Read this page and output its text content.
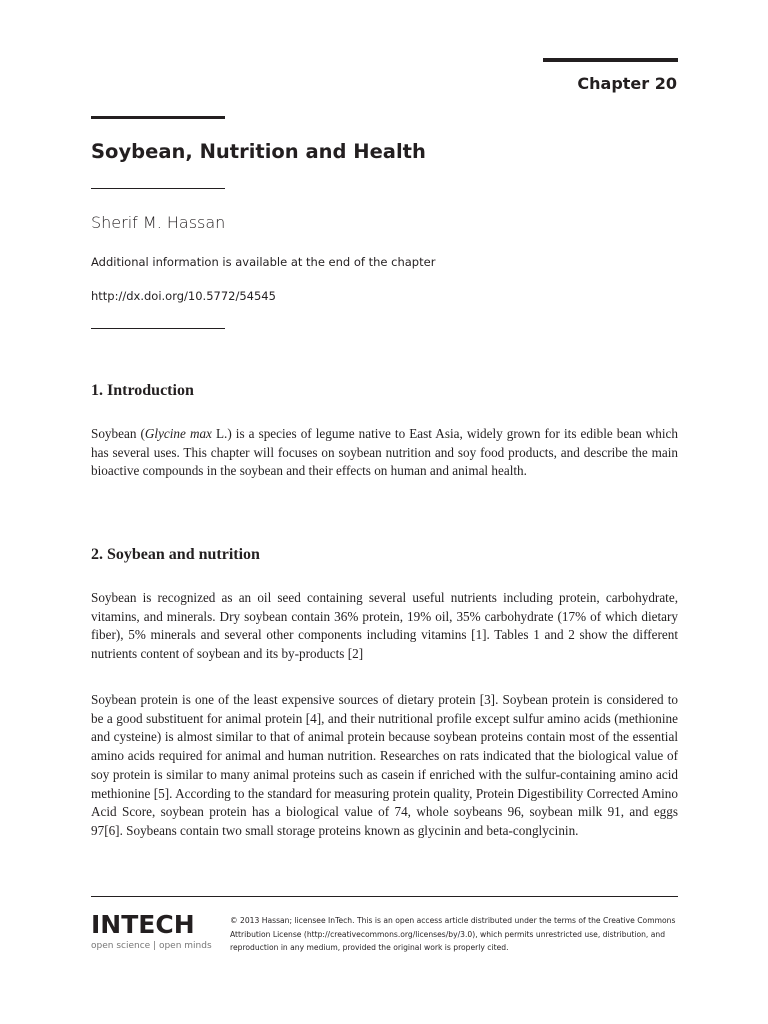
Chapter 20
Soybean, Nutrition and Health
Sherif M. Hassan
Additional information is available at the end of the chapter
http://dx.doi.org/10.5772/54545
1. Introduction

Soybean (Glycine max L.) is a species of legume native to East Asia, widely grown for its edible bean which has several uses. This chapter will focuses on soybean nutrition and soy food products, and describe the main bioactive compounds in the soybean and their effects on human and animal health.

2. Soybean and nutrition

Soybean is recognized as an oil seed containing several useful nutrients including protein, carbohydrate, vitamins, and minerals. Dry soybean contain 36% protein, 19% oil, 35% carbohydrate (17% of which dietary fiber), 5% minerals and several other components including vitamins [1]. Tables 1 and 2 show the different nutrients content of soybean and its by-products [2]

Soybean protein is one of the least expensive sources of dietary protein [3]. Soybean protein is considered to be a good substituent for animal protein [4], and their nutritional profile except sulfur amino acids (methionine and cysteine) is almost similar to that of animal protein because soybean proteins contain most of the essential amino acids required for animal and human nutrition. Researches on rats indicated that the biological value of soy protein is similar to many animal proteins such as casein if enriched with the sulfur-containing amino acid methionine [5]. According to the standard for measuring protein quality, Protein Digestibility Corrected Amino Acid Score, soybean protein has a biological value of 74, whole soybeans 96, soybean milk 91, and eggs 97[6]. Soybeans contain two small storage proteins known as glycinin and beta-conglycinin.

INTECH
open science | open minds

© 2013 Hassan; licensee InTech. This is an open access article distributed under the terms of the Creative Commons Attribution License (http://creativecommons.org/licenses/by/3.0), which permits unrestricted use, distribution, and reproduction in any medium, provided the original work is properly cited.
